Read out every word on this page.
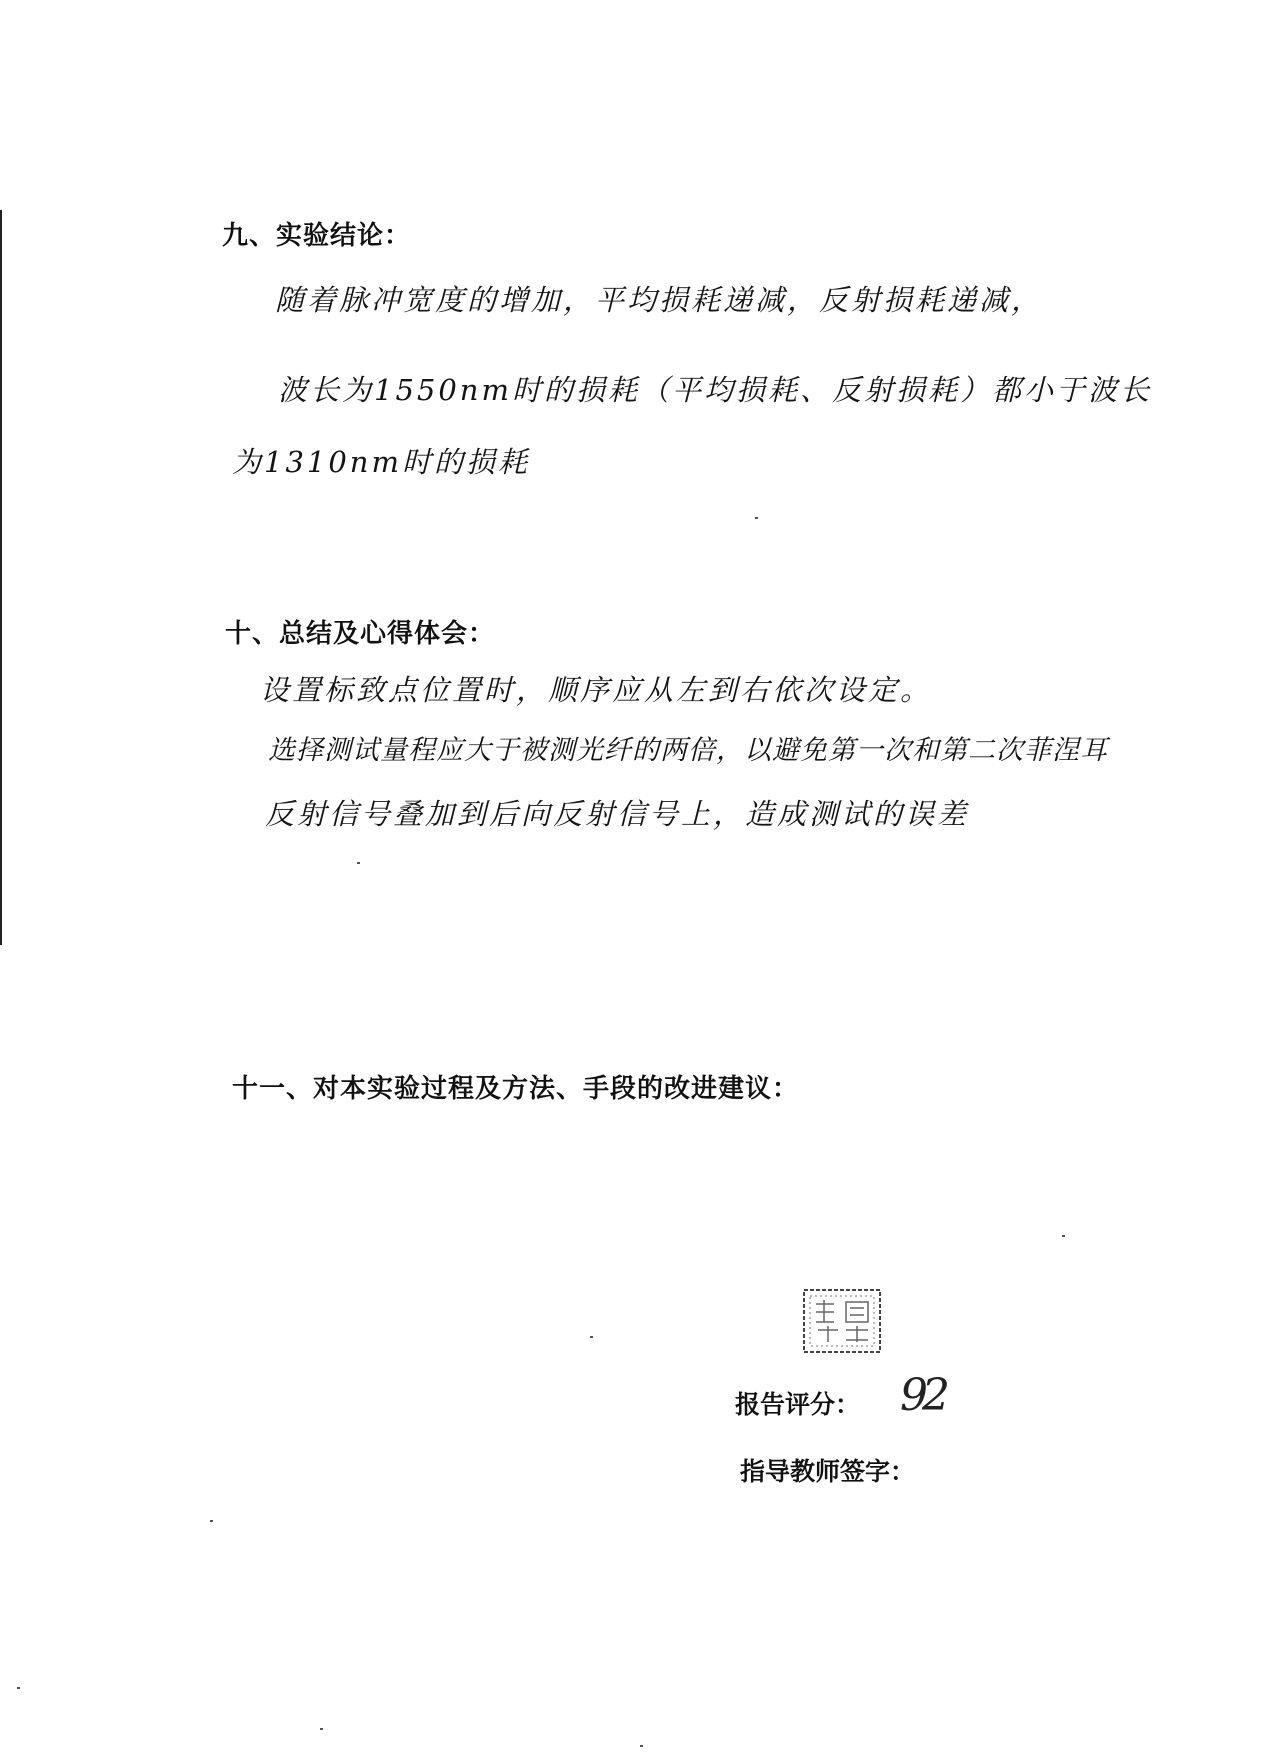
九、实验结论：
随着脉冲宽度的增加，平均损耗递减，反射损耗递减，
波长为1550nm时的损耗（平均损耗、反射损耗）都小于波长
为1310nm时的损耗
十、总结及心得体会：
设置标致点位置时，顺序应从左到右依次设定。
选择测试量程应大于被测光纤的两倍，以避免第一次和第二次菲涅耳
反射信号叠加到后向反射信号上，造成测试的误差
十一、对本实验过程及方法、手段的改进建议：
报告评分： 92
指导教师签字：
